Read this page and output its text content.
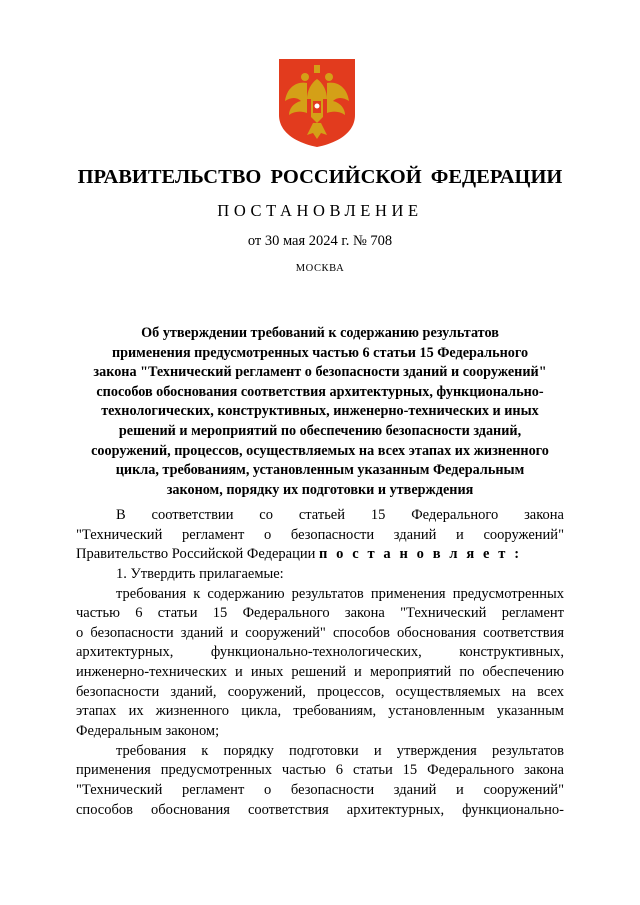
ПРАВИТЕЛЬСТВО РОССИЙСКОЙ ФЕДЕРАЦИИ
ПОСТАНОВЛЕНИЕ
от 30 мая 2024 г. № 708
МОСКВА
Об утверждении требований к содержанию результатов
применения предусмотренных частью 6 статьи 15 Федерального
закона "Технический регламент о безопасности зданий и сооружений"
способов обоснования соответствия архитектурных, функционально-
технологических, конструктивных, инженерно-технических и иных
решений и мероприятий по обеспечению безопасности зданий,
сооружений, процессов, осуществляемых на всех этапах их жизненного
цикла, требованиям, установленным указанным Федеральным
законом, порядку их подготовки и утверждения
В соответствии со статьей 15 Федерального закона
"Технический регламент о безопасности зданий и сооружений"
Правительство Российской Федерации п о с т а н о в л я е т :
1. Утвердить прилагаемые:
требования к содержанию результатов применения предусмотренных
частью 6 статьи 15 Федерального закона "Технический регламент
о безопасности зданий и сооружений" способов обоснования соответствия
архитектурных, функционально-технологических, конструктивных,
инженерно-технических и иных решений и мероприятий по обеспечению
безопасности зданий, сооружений, процессов, осуществляемых на всех
этапах их жизненного цикла, требованиям, установленным указанным
Федеральным законом;
требования к порядку подготовки и утверждения результатов
применения предусмотренных частью 6 статьи 15 Федерального закона
"Технический регламент о безопасности зданий и сооружений"
способов обоснования соответствия архитектурных, функционально-
